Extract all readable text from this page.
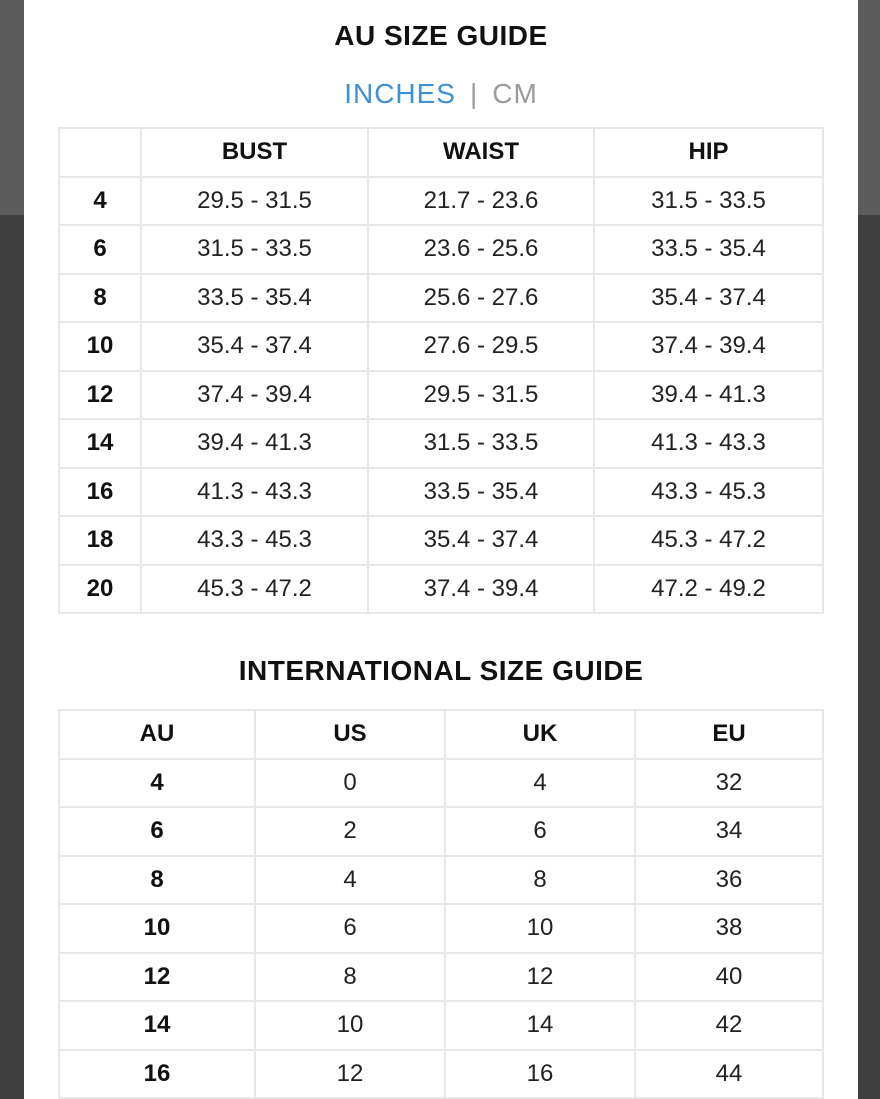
AU SIZE GUIDE
INCHES | CM
	BUST	WAIST	HIP
4	29.5 - 31.5	21.7 - 23.6	31.5 - 33.5
6	31.5 - 33.5	23.6 - 25.6	33.5 - 35.4
8	33.5 - 35.4	25.6 - 27.6	35.4 - 37.4
10	35.4 - 37.4	27.6 - 29.5	37.4 - 39.4
12	37.4 - 39.4	29.5 - 31.5	39.4 - 41.3
14	39.4 - 41.3	31.5 - 33.5	41.3 - 43.3
16	41.3 - 43.3	33.5 - 35.4	43.3 - 45.3
18	43.3 - 45.3	35.4 - 37.4	45.3 - 47.2
20	45.3 - 47.2	37.4 - 39.4	47.2 - 49.2
INTERNATIONAL SIZE GUIDE
AU	US	UK	EU
4	0	4	32
6	2	6	34
8	4	8	36
10	6	10	38
12	8	12	40
14	10	14	42
16	12	16	44
